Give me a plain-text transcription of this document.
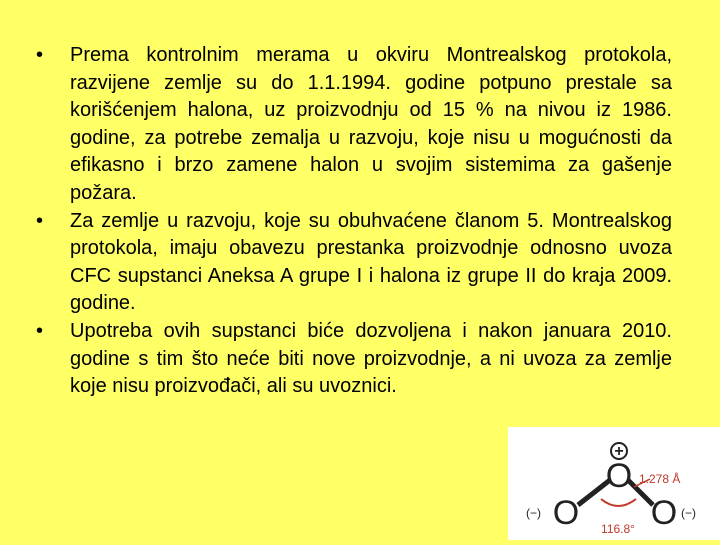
•	Prema kontrolnim merama u okviru Montrealskog protokola, razvijene zemlje su do 1.1.1994. godine potpuno prestale sa korišćenjem halona, uz proizvodnju od 15 % na nivou iz 1986. godine, za potrebe zemalja u razvoju, koje nisu u mogućnosti da efikasno i brzo zamene halon u svojim sistemima za gašenje požara.
•	Za zemlje u razvoju, koje su obuhvaćene članom 5. Montrealskog protokola, imaju obavezu prestanka proizvodnje odnosno uvoza CFC supstanci Aneksa A grupe I i halona iz grupe II do kraja 2009. godine.
•	Upotreba ovih supstanci biće dozvoljena i nakon januara 2010. godine s tim što neće biti nove proizvodnje, a ni uvoza za zemlje koje nisu proizvođači, ali su uvoznici.
+
O
O O
(−)	(−)
1.278 Å
116.8°
